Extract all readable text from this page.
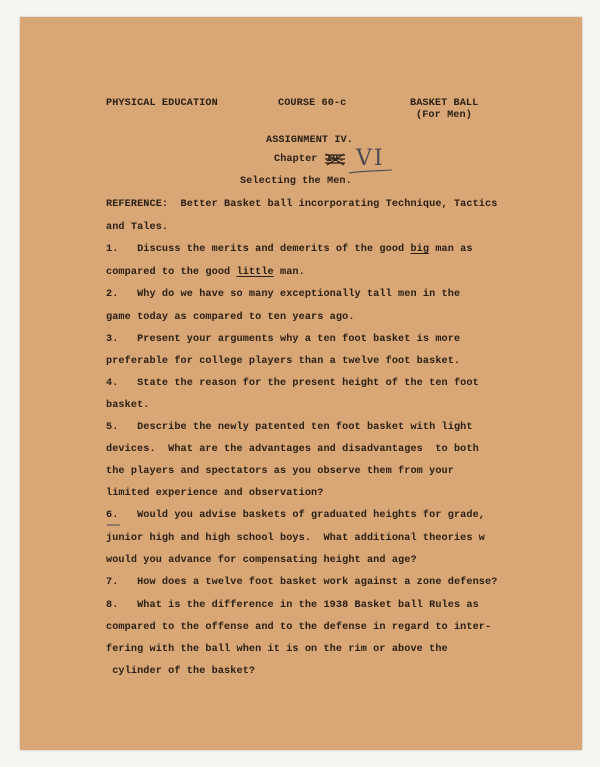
PHYSICAL EDUCATION	COURSE 60-c	BASKET BALL
(For Men)
ASSIGNMENT IV.
Chapter IV. VI
Selecting the Men.
REFERENCE:  Better Basket ball incorporating Technique, Tactics
and Tales.
1.   Discuss the merits and demerits of the good big man as
compared to the good little man.
2.   Why do we have so many exceptionally tall men in the
game today as compared to ten years ago.
3.   Present your arguments why a ten foot basket is more
preferable for college players than a twelve foot basket.
4.   State the reason for the present height of the ten foot
basket.
5.   Describe the newly patented ten foot basket with light
devices.  What are the advantages and disadvantages  to both
the players and spectators as you observe them from your
limited experience and observation?
6.   Would you advise baskets of graduated heights for grade,
junior high and high school boys.  What additional theories w
would you advance for compensating height and age?
7.   How does a twelve foot basket work against a zone defense?
8.   What is the difference in the 1938 Basket ball Rules as
compared to the offense and to the defense in regard to inter-
fering with the ball when it is on the rim or above the
cylinder of the basket?
